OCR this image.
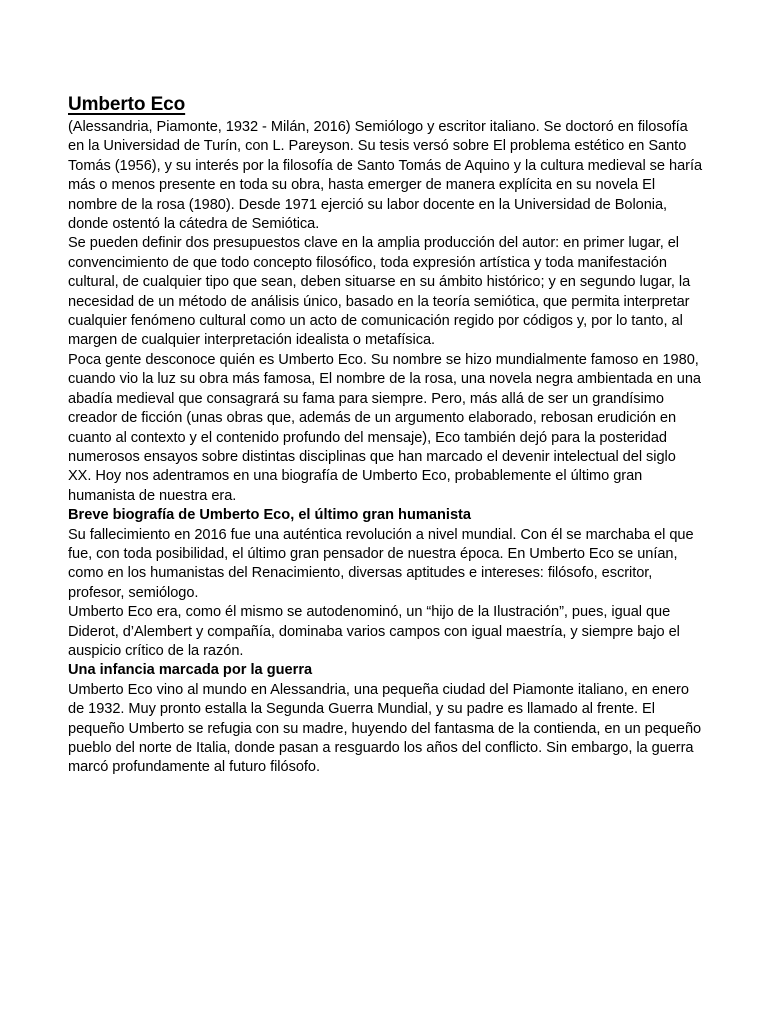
Umberto Eco

(Alessandria, Piamonte, 1932 - Milán, 2016) Semiólogo y escritor italiano. Se doctoró en filosofía en la Universidad de Turín, con L. Pareyson. Su tesis versó sobre El problema estético en Santo Tomás (1956), y su interés por la filosofía de Santo Tomás de Aquino y la cultura medieval se haría más o menos presente en toda su obra, hasta emerger de manera explícita en su novela El nombre de la rosa (1980). Desde 1971 ejerció su labor docente en la Universidad de Bolonia, donde ostentó la cátedra de Semiótica.

Se pueden definir dos presupuestos clave en la amplia producción del autor: en primer lugar, el convencimiento de que todo concepto filosófico, toda expresión artística y toda manifestación cultural, de cualquier tipo que sean, deben situarse en su ámbito histórico; y en segundo lugar, la necesidad de un método de análisis único, basado en la teoría semiótica, que permita interpretar cualquier fenómeno cultural como un acto de comunicación regido por códigos y, por lo tanto, al margen de cualquier interpretación idealista o metafísica.

Poca gente desconoce quién es Umberto Eco. Su nombre se hizo mundialmente famoso en 1980, cuando vio la luz su obra más famosa, El nombre de la rosa, una novela negra ambientada en una abadía medieval que consagrará su fama para siempre. Pero, más allá de ser un grandísimo creador de ficción (unas obras que, además de un argumento elaborado, rebosan erudición en cuanto al contexto y el contenido profundo del mensaje), Eco también dejó para la posteridad numerosos ensayos sobre distintas disciplinas que han marcado el devenir intelectual del siglo XX. Hoy nos adentramos en una biografía de Umberto Eco, probablemente el último gran humanista de nuestra era.

Breve biografía de Umberto Eco, el último gran humanista

Su fallecimiento en 2016 fue una auténtica revolución a nivel mundial. Con él se marchaba el que fue, con toda posibilidad, el último gran pensador de nuestra época. En Umberto Eco se unían, como en los humanistas del Renacimiento, diversas aptitudes e intereses: filósofo, escritor, profesor, semiólogo.

Umberto Eco era, como él mismo se autodenominó, un “hijo de la Ilustración”, pues, igual que Diderot, d’Alembert y compañía, dominaba varios campos con igual maestría, y siempre bajo el auspicio crítico de la razón.

Una infancia marcada por la guerra

Umberto Eco vino al mundo en Alessandria, una pequeña ciudad del Piamonte italiano, en enero de 1932. Muy pronto estalla la Segunda Guerra Mundial, y su padre es llamado al frente. El pequeño Umberto se refugia con su madre, huyendo del fantasma de la contienda, en un pequeño pueblo del norte de Italia, donde pasan a resguardo los años del conflicto. Sin embargo, la guerra marcó profundamente al futuro filósofo.
